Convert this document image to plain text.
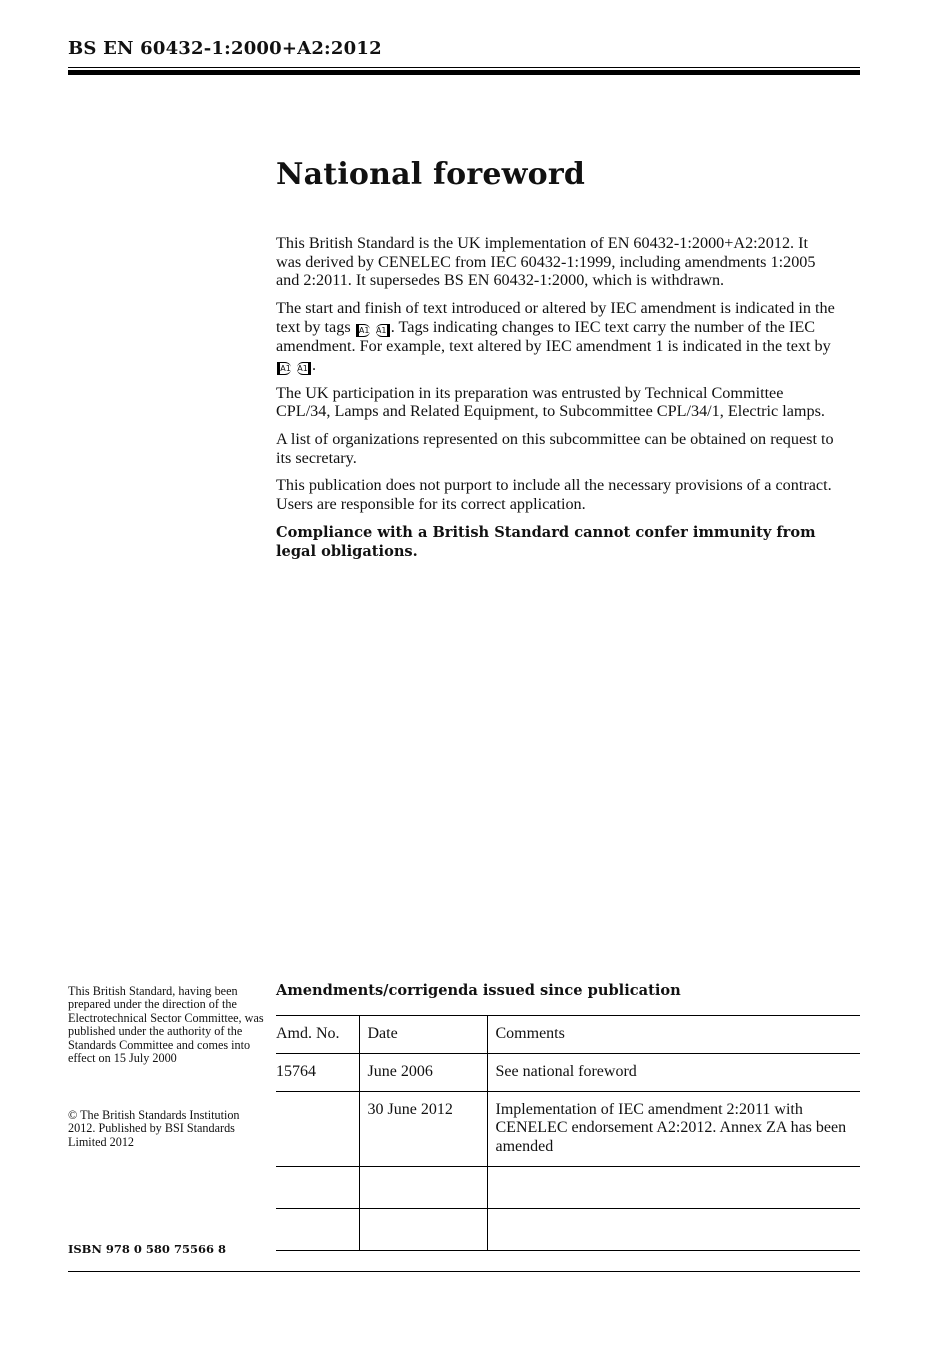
BS EN 60432-1:2000+A2:2012
National foreword

This British Standard is the UK implementation of EN 60432-1:2000+A2:2012. It was derived by CENELEC from IEC 60432-1:1999, including amendments 1:2005 and 2:2011. It supersedes BS EN 60432-1:2000, which is withdrawn.

The start and finish of text introduced or altered by IEC amendment is indicated in the text by tags A1 A1 . Tags indicating changes to IEC text carry the number of the IEC amendment. For example, text altered by IEC amendment 1 is indicated in the text by A1 A1 .

The UK participation in its preparation was entrusted by Technical Committee CPL/34, Lamps and Related Equipment, to Subcommittee CPL/34/1, Electric lamps.

A list of organizations represented on this subcommittee can be obtained on request to its secretary.

This publication does not purport to include all the necessary provisions of a contract. Users are responsible for its correct application.

Compliance with a British Standard cannot confer immunity from legal obligations.

This British Standard, having been prepared under the direction of the Electrotechnical Sector Committee, was published under the authority of the Standards Committee and comes into effect on 15 July 2000
© The British Standards Institution 2012. Published by BSI Standards Limited 2012
ISBN 978 0 580 75566 8
Amendments/corrigenda issued since publication
Amd. No.	Date	Comments
15764	June 2006	See national foreword
	30 June 2012	Implementation of IEC amendment 2:2011 with CENELEC endorsement A2:2012. Annex ZA has been amended
